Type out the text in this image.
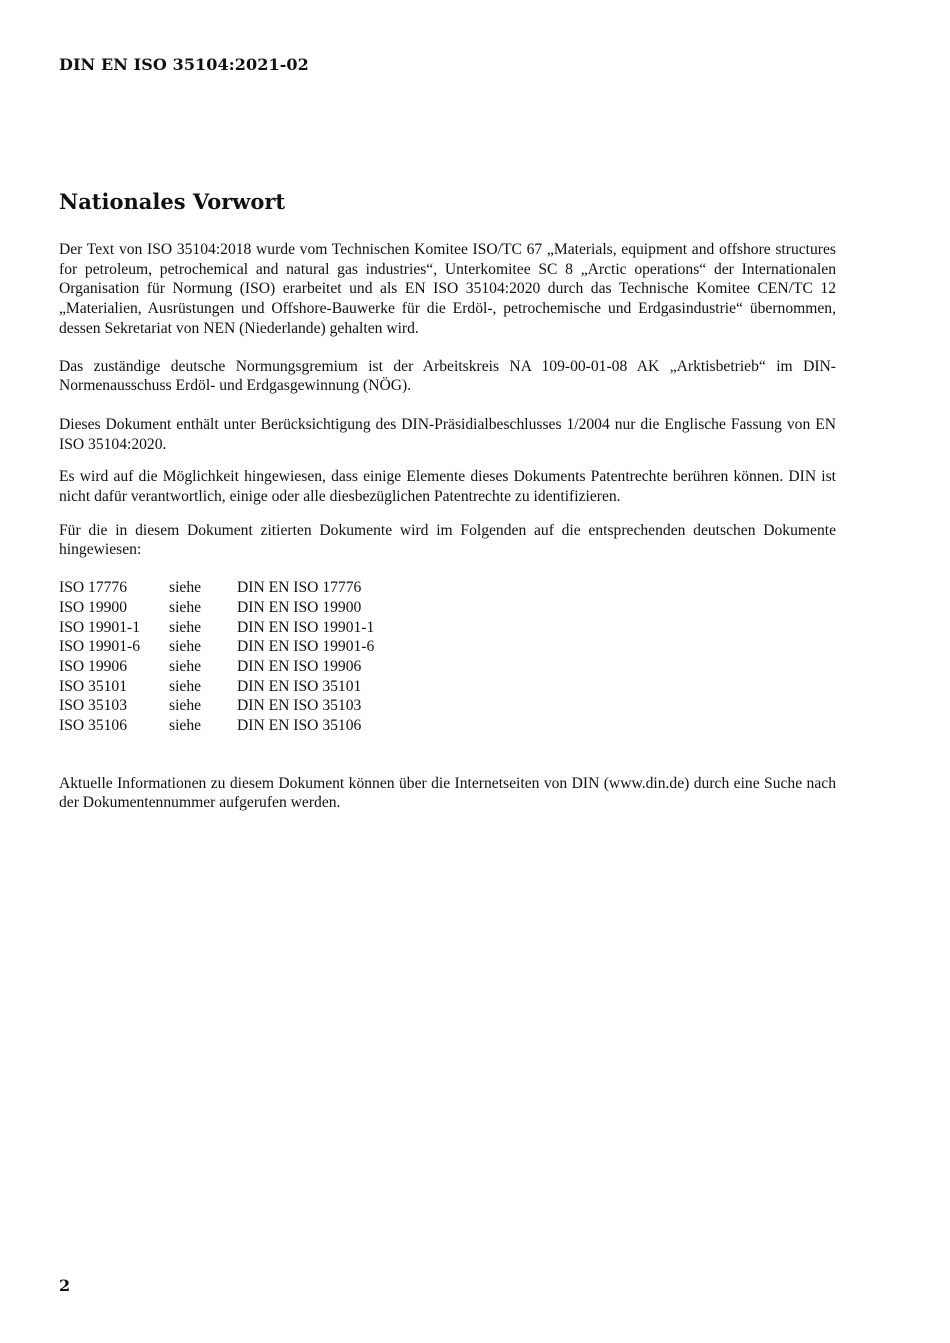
DIN EN ISO 35104:2021-02
Nationales Vorwort

Der Text von ISO 35104:2018 wurde vom Technischen Komitee ISO/TC 67 „Materials, equipment and offshore structures for petroleum, petrochemical and natural gas industries“, Unterkomitee SC 8 „Arctic operations“ der Internationalen Organisation für Normung (ISO) erarbeitet und als EN ISO 35104:2020 durch das Technische Komitee CEN/TC 12 „Materialien, Ausrüstungen und Offshore-Bauwerke für die Erdöl-, petrochemische und Erdgasindustrie“ übernommen, dessen Sekretariat von NEN (Niederlande) gehalten wird.

Das zuständige deutsche Normungsgremium ist der Arbeitskreis NA 109-00-01-08 AK „Arktisbetrieb“ im DIN-Normenausschuss Erdöl- und Erdgasgewinnung (NÖG).

Dieses Dokument enthält unter Berücksichtigung des DIN-Präsidialbeschlusses 1/2004 nur die Englische Fassung von EN ISO 35104:2020.

Es wird auf die Möglichkeit hingewiesen, dass einige Elemente dieses Dokuments Patentrechte berühren können. DIN ist nicht dafür verantwortlich, einige oder alle diesbezüglichen Patentrechte zu identifizieren.

Für die in diesem Dokument zitierten Dokumente wird im Folgenden auf die entsprechenden deutschen Dokumente hingewiesen:

ISO 17776	siehe	DIN EN ISO 17776
ISO 19900	siehe	DIN EN ISO 19900
ISO 19901-1	siehe	DIN EN ISO 19901-1
ISO 19901-6	siehe	DIN EN ISO 19901-6
ISO 19906	siehe	DIN EN ISO 19906
ISO 35101	siehe	DIN EN ISO 35101
ISO 35103	siehe	DIN EN ISO 35103
ISO 35106	siehe	DIN EN ISO 35106

Aktuelle Informationen zu diesem Dokument können über die Internetseiten von DIN (www.din.de) durch eine Suche nach der Dokumentennummer aufgerufen werden.

2
